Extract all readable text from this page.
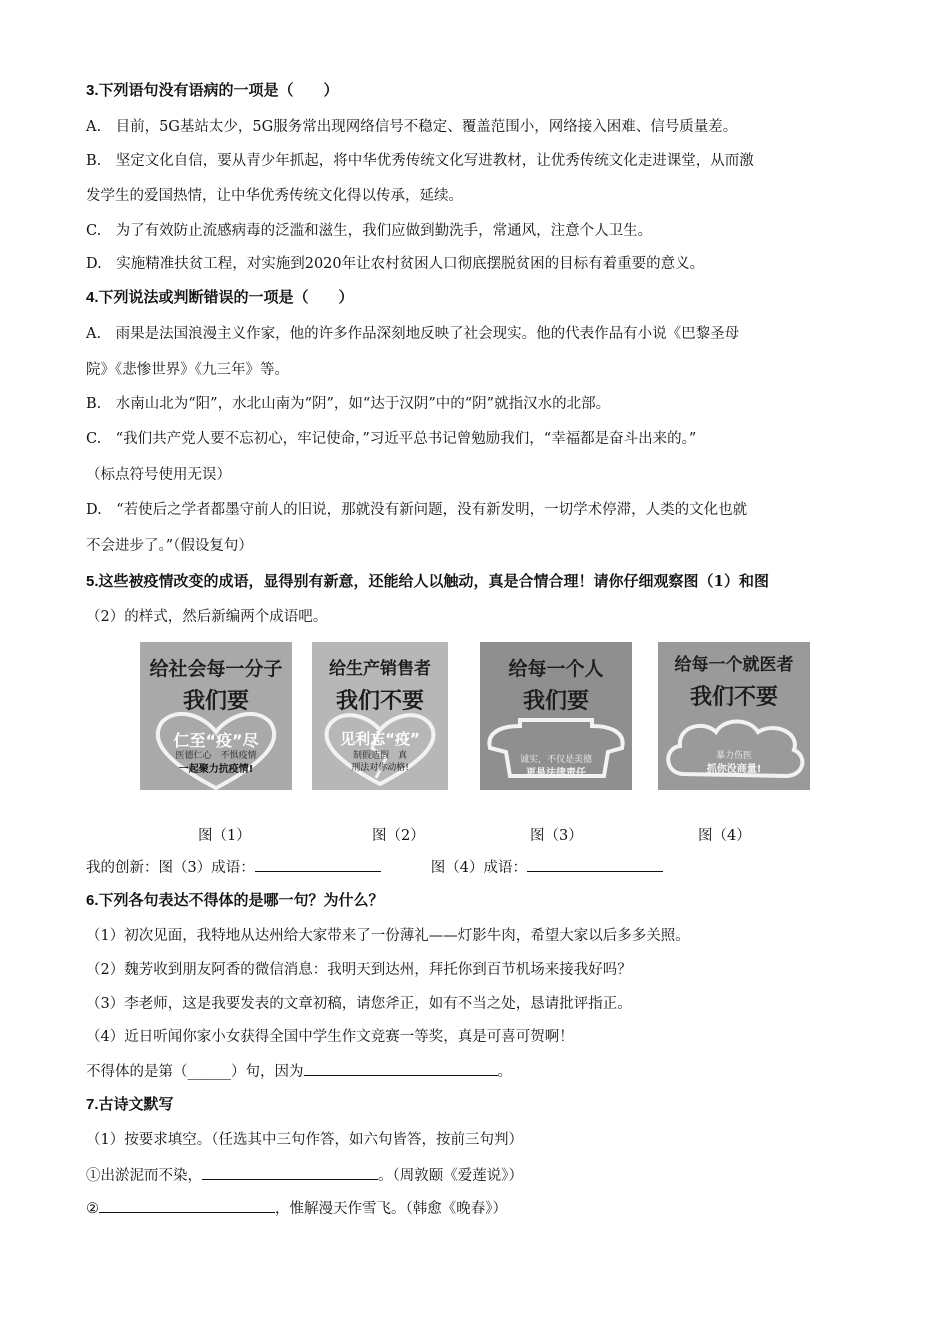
3.下列语句没有语病的一项是（　　）
A.　目前，5G基站太少，5G服务常出现网络信号不稳定、覆盖范围小，网络接入困难、信号质量差。
B.　坚定文化自信，要从青少年抓起，将中华优秀传统文化写进教材，让优秀传统文化走进课堂，从而激
发学生的爱国热情，让中华优秀传统文化得以传承，延续。
C.　为了有效防止流感病毒的泛滥和滋生，我们应做到勤洗手，常通风，注意个人卫生。
D.　实施精准扶贫工程，对实施到2020年让农村贫困人口彻底摆脱贫困的目标有着重要的意义。
4.下列说法或判断错误的一项是（　　）
A.　雨果是法国浪漫主义作家，他的许多作品深刻地反映了社会现实。他的代表作品有小说《巴黎圣母
院》《悲惨世界》《九三年》等。
B.　水南山北为“阳”，水北山南为“阴”，如“达于汉阴”中的“阴”就指汉水的北部。
C.　“我们共产党人要不忘初心，牢记使命，”习近平总书记曾勉励我们，“幸福都是奋斗出来的。”
（标点符号使用无误）
D.　“若使后之学者都墨守前人的旧说，那就没有新问题，没有新发明，一切学术停滞，人类的文化也就
不会进步了。”（假设复句）
5.这些被疫情改变的成语，显得别有新意，还能给人以触动，真是合情合理！请你仔细观察图（1）和图
（2）的样式，然后新编两个成语吧。
给社会每一分子
我们要
仁至“疫”尽
医德仁心　不惧疫情
一起聚力抗疫情!
给生产销售者
我们不要
见利忘“疫”
制假造假　真
刑法对你动格!
给每一个人
我们要
诚实，不仅是美德
更是法律责任
给每一个就医者
我们不要
暴力伤医
抓你没商量!
图（1）	图（2）	图（3）	图（4）
我的创新：图（3）成语：	图（4）成语：
6.下列各句表达不得体的是哪一句？为什么？
（1）初次见面，我特地从达州给大家带来了一份薄礼——灯影牛肉，希望大家以后多多关照。
（2）魏芳收到朋友阿香的微信消息：我明天到达州，拜托你到百节机场来接我好吗？
（3）李老师，这是我要发表的文章初稿，请您斧正，如有不当之处，恳请批评指正。
（4）近日听闻你家小女获得全国中学生作文竞赛一等奖，真是可喜可贺啊！
不得体的是第（______）句，因为	。
7.古诗文默写
（1）按要求填空。（任选其中三句作答，如六句皆答，按前三句判）
①出淤泥而不染，	。（周敦颐《爱莲说》）
②	，惟解漫天作雪飞。（韩愈《晚春》）
